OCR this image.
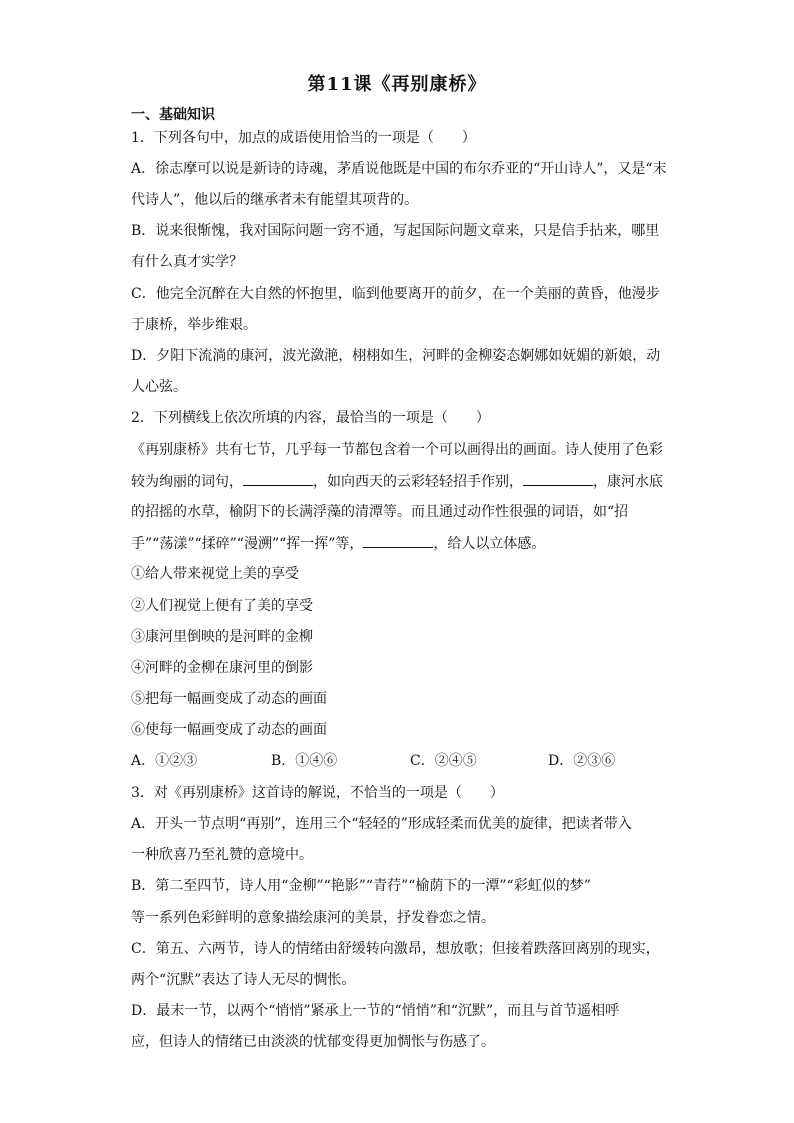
第11课《再别康桥》
一、基础知识
1．下列各句中，加点的成语使用恰当的一项是（　　）
A．徐志摩可以说是新诗的诗魂，茅盾说他既是中国的布尔乔亚的“开山诗人”，又是“末
代诗人”，他以后的继承者未有能望其项背的。
B．说来很惭愧，我对国际问题一窍不通，写起国际问题文章来，只是信手拈来，哪里
有什么真才实学？
C．他完全沉醉在大自然的怀抱里，临到他要离开的前夕，在一个美丽的黄昏，他漫步
于康桥，举步维艰。
D．夕阳下流淌的康河，波光潋滟，栩栩如生，河畔的金柳姿态婀娜如妩媚的新娘，动
人心弦。
2．下列横线上依次所填的内容，最恰当的一项是（　　）
《再别康桥》共有七节，几乎每一节都包含着一个可以画得出的画面。诗人使用了色彩
较为绚丽的词句，	，如向西天的云彩轻轻招手作别，	，康河水底
的招摇的水草，榆阴下的长满浮藻的清潭等。而且通过动作性很强的词语，如“招
手”“荡漾”“揉碎”“漫溯”“挥一挥”等，	，给人以立体感。
①给人带来视觉上美的享受
②人们视觉上便有了美的享受
③康河里倒映的是河畔的金柳
④河畔的金柳在康河里的倒影
⑤把每一幅画变成了动态的画面
⑥使每一幅画变成了动态的画面
A．①②③	B．①④⑥	C．②④⑤	D．②③⑥
3．对《再别康桥》这首诗的解说，不恰当的一项是（　　）
A．开头一节点明“再别”，连用三个“轻轻的”形成轻柔而优美的旋律，把读者带入
一种欣喜乃至礼赞的意境中。
B．第二至四节，诗人用“金柳”“艳影”“青荇”“榆荫下的一潭”“彩虹似的梦”
等一系列色彩鲜明的意象描绘康河的美景，抒发眷恋之情。
C．第五、六两节，诗人的情绪由舒缓转向激昂，想放歌；但接着跌落回离别的现实，
两个“沉默”表达了诗人无尽的惆怅。
D．最末一节，以两个“悄悄”紧承上一节的“悄悄”和“沉默”，而且与首节遥相呼
应，但诗人的情绪已由淡淡的忧郁变得更加惆怅与伤感了。
